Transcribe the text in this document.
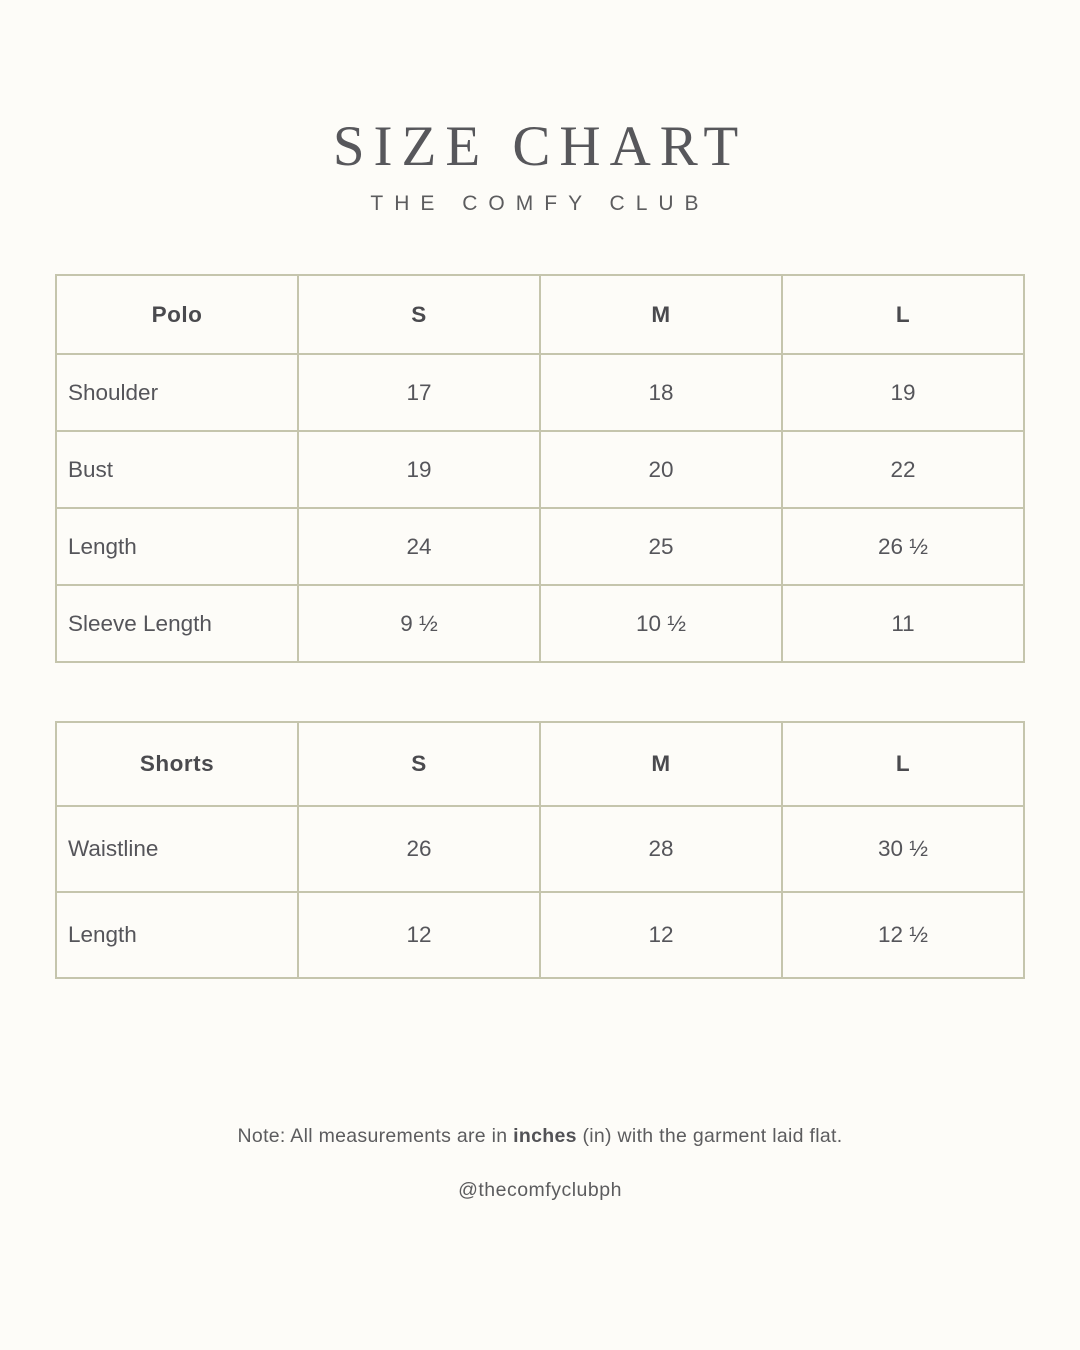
SIZE CHART
THE COMFY CLUB
Polo	S	M	L
Shoulder	17	18	19
Bust	19	20	22
Length	24	25	26 ½
Sleeve Length	9 ½	10 ½	11
Shorts	S	M	L
Waistline	26	28	30 ½
Length	12	12	12 ½
Note: All measurements are in inches (in) with the garment laid flat.
@thecomfyclubph
